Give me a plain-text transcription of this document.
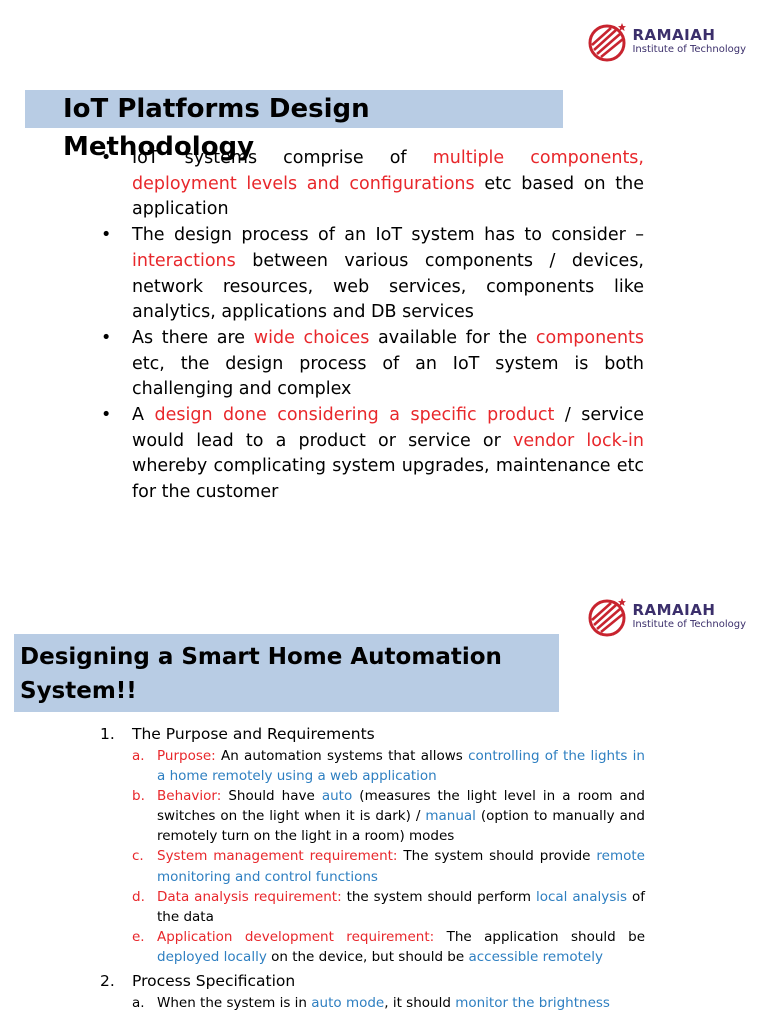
RAMAIAH
Institute of Technology
IoT Platforms Design Methodology
• IoT systems comprise of multiple components, deployment levels and configurations etc based on the application
• The design process of an IoT system has to consider – interactions between various components / devices, network resources, web services, components like analytics, applications and DB services
• As there are wide choices available for the components etc, the design process of an IoT system is both challenging and complex
• A design done considering a specific product / service would lead to a product or service or vendor lock-in whereby complicating system upgrades, maintenance etc for the customer
RAMAIAH
Institute of Technology
Designing a Smart Home Automation
System!!
1. The Purpose and Requirements
a. Purpose: An automation systems that allows controlling of the lights in a home remotely using a web application
b. Behavior: Should have auto (measures the light level in a room and switches on the light when it is dark) / manual (option to manually and remotely turn on the light in a room) modes
c. System management requirement: The system should provide remote monitoring and control functions
d. Data analysis requirement: the system should perform local analysis of the data
e. Application development requirement: The application should be deployed locally on the device, but should be accessible remotely
2. Process Specification
a. When the system is in auto mode, it should monitor the brightness
